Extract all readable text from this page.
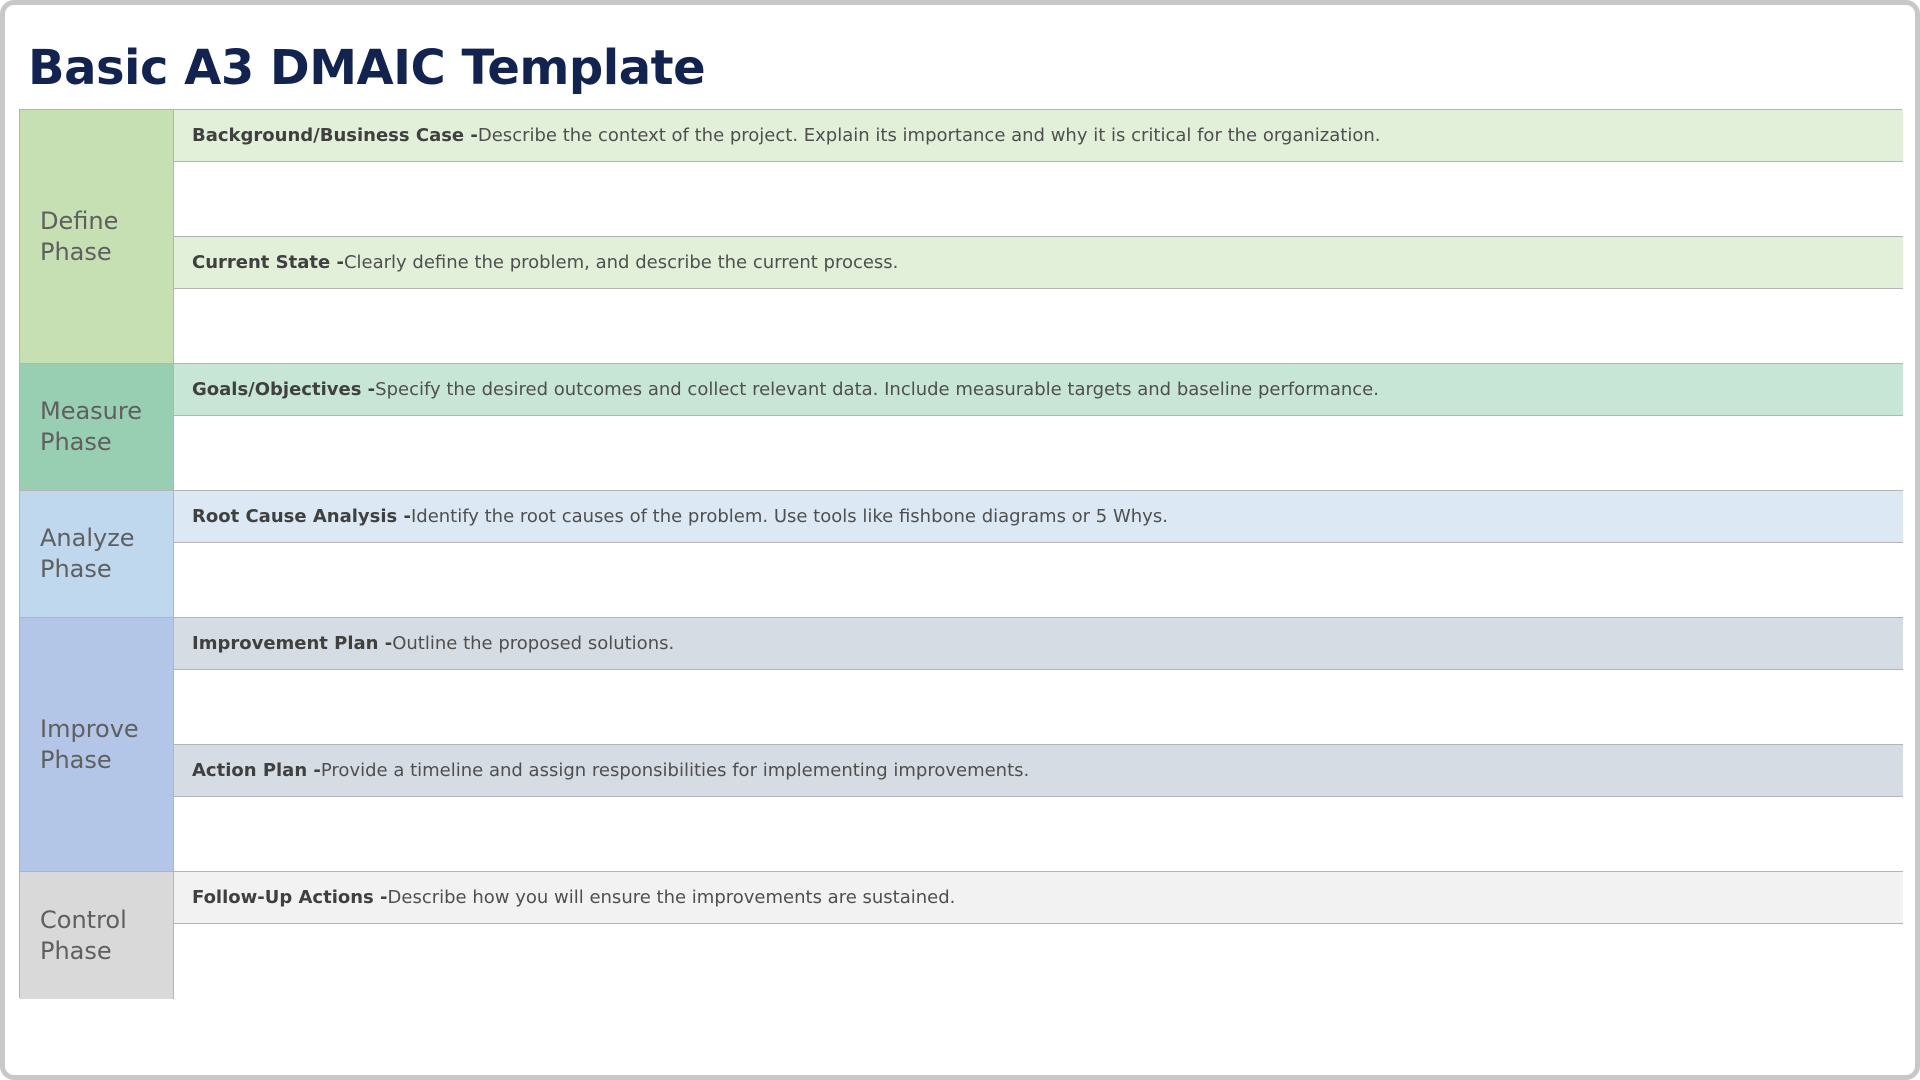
Basic A3 DMAIC Template
Define
Phase
Background/Business Case - Describe the context of the project. Explain its importance and why it is critical for the organization.
Current State - Clearly define the problem, and describe the current process.
Measure
Phase
Goals/Objectives - Specify the desired outcomes and collect relevant data. Include measurable targets and baseline performance.
Analyze
Phase
Root Cause Analysis - Identify the root causes of the problem. Use tools like fishbone diagrams or 5 Whys.
Improve
Phase
Improvement Plan - Outline the proposed solutions.
Action Plan - Provide a timeline and assign responsibilities for implementing improvements.
Control
Phase
Follow-Up Actions - Describe how you will ensure the improvements are sustained.
